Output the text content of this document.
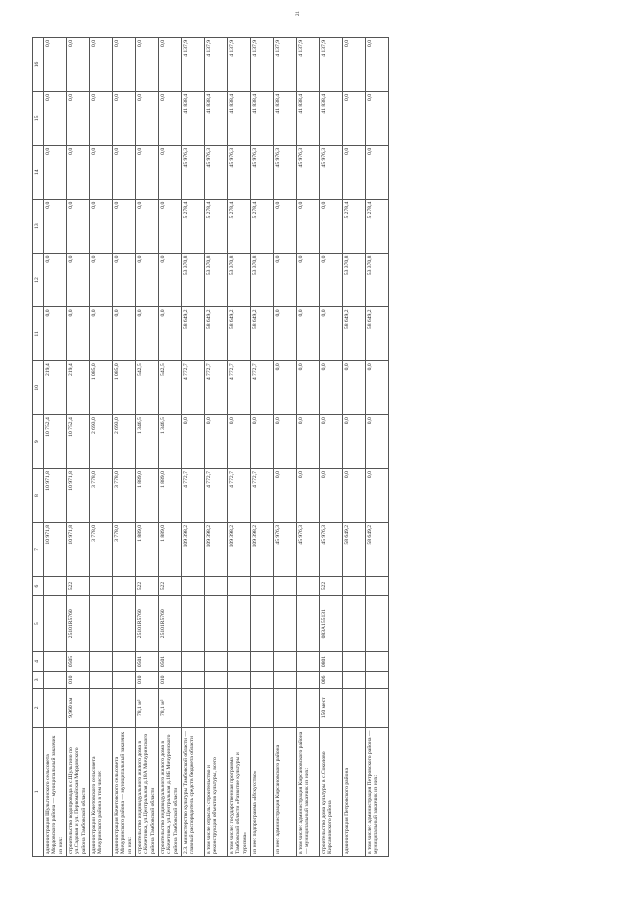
21
1	2	3	4	5	6	7	8	9	10	11	12	13	14	15	16
администрация Шульгинского сельсовета Мордовского района — муниципальный заказчик из них:						10 971,8	10 971,8	10 752,4	219,4	0,0	0,0	0,0	0,0	0,0	0,0
строительство водопровода в с.Шульгино по ул.Садовая и ул. Первомайская Мордовского района Тамбовской области	9,960 км	010	0505	25101R5760	522	10 971,8	10 971,8	10 752,4	219,4	0,0	0,0	0,0	0,0	0,0	0,0
администрации Кочетовского сельсовета Мичуринского района в том числе:						3 778,0	3 778,0	2 693,0	1 085,0	0,0	0,0	0,0	0,0	0,0	0,0
администрация Кочетовского сельсовета Мичуринского района — муниципальный заказчик из них:						3 778,0	3 778,0	2 693,0	1 085,0	0,0	0,0	0,0	0,0	0,0	0,0
строительство индивидуального жилого дома в с.Кочетовка, ул.Центральная д.18А Мичуринского района Тамбовской области	78,1 м²	010	0501	25101R5760	522	1 889,0	1 889,0	1 346,5	542,5	0,0	0,0	0,0	0,0	0,0	0,0
строительство индивидуального жилого дома в с.Кочетовка, ул.Центральная д.18Б Мичуринского района Тамбовской области	78,1 м²	010	0501	25101R5760	522	1 889,0	1 889,0	1 346,5	542,5	0,0	0,0	0,0	0,0	0,0	0,0
2.3. министерство культуры Тамбовской области — главный распорядитель средств бюджета области						109 398,2	4 772,7	0,0	4 772,7	58 649,2	53 370,8	5 278,4	45 976,3	41 838,4	4 137,9
в том числе отрасль: строительство и реконструкция объектов культуры, всего						109 398,2	4 772,7	0,0	4 772,7	58 649,2	53 370,8	5 278,4	45 976,3	41 838,4	4 137,9
в том числе: государственная программа Тамбовской области «Развитие культуры и туризма»						109 398,2	4 772,7	0,0	4 772,7	58 649,2	53 370,8	5 278,4	45 976,3	41 838,4	4 137,9
из нее: подпрограмма «Искусство»						109 398,2	4 772,7	0,0	4 772,7	58 649,2	53 370,8	5 278,4	45 976,3	41 838,4	4 137,9
из нее: администрация Кирсановского района						45 976,3	0,0	0,0	0,0	0,0	0,0	0,0	45 976,3	41 838,4	4 137,9
в том числе: администрация Кирсановского района — муниципальный заказчик из них:						45 976,3	0,0	0,0	0,0	0,0	0,0	0,0	45 976,3	41 838,4	4 137,9
строительство дома культуры в с.Соколово Кирсановского района	150 мест	006	0801	083A155131	522	45 976,3	0,0	0,0	0,0	0,0	0,0	0,0	45 976,3	41 838,4	4 137,9
администрация Петровского района						58 649,2	0,0	0,0	0,0	58 649,2	53 370,8	5 278,4	0,0	0,0	0,0
в том числе: администрация Петровского района — муниципальный заказчик из них:						58 649,2	0,0	0,0	0,0	58 649,2	53 370,8	5 278,4	0,0	0,0	0,0
